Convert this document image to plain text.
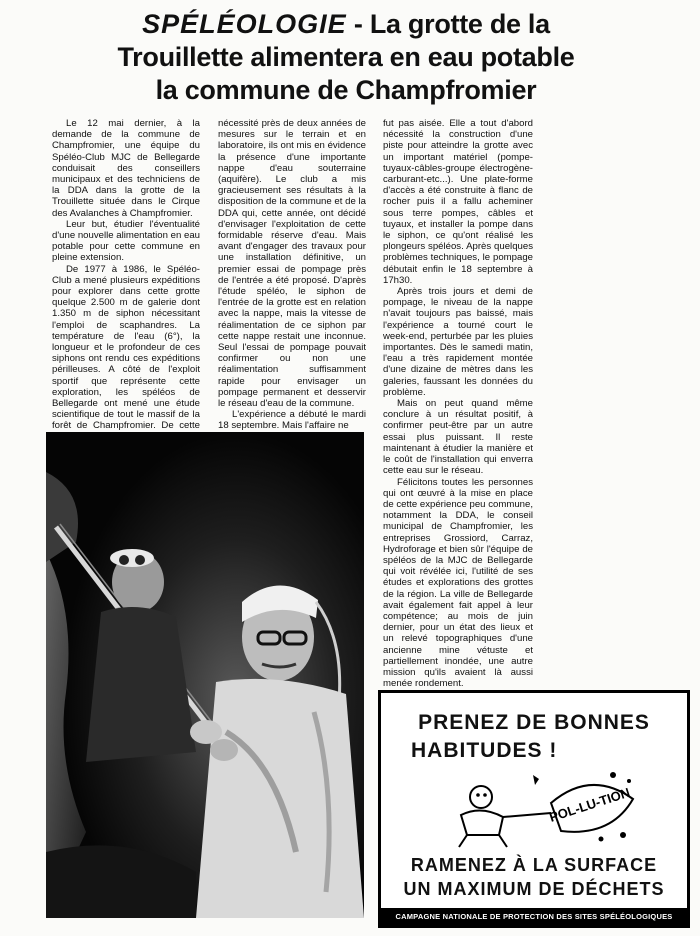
SPÉLÉOLOGIE - La grotte de la
Trouillette alimentera en eau potable
la commune de Champfromier

Le 12 mai dernier, à la demande de la commune de Champfromier, une équipe du Spéléo-Club MJC de Bellegarde conduisait des conseillers municipaux et des techniciens de la DDA dans la grotte de la Trouillette située dans le Cirque des Avalanches à Champfromier.

Leur but, étudier l'éventualité d'une nouvelle alimentation en eau potable pour cette commune en pleine extension.

De 1977 à 1986, le Spéléo-Club a mené plusieurs expéditions pour explorer dans cette grotte quelque 2.500 m de galerie dont 1.350 m de siphon nécessitant l'emploi de scaphandres. La température de l'eau (6°), la longueur et le profondeur de ces siphons ont rendu ces expéditions périlleuses. A côté de l'exploit sportif que représente cette exploration, les spéléos de Bellegarde ont mené une étude scientifique de tout le massif de la forêt de Champfromier. De cette

nécessité près de deux années de mesures sur le terrain et en laboratoire, ils ont mis en évidence la présence d'une importante nappe d'eau souterraine (aquifère). Le club a mis gracieusement ses résultats à la disposition de la commune et de la DDA qui, cette année, ont décidé d'envisager l'exploitation de cette formidable réserve d'eau. Mais avant d'engager des travaux pour une installation définitive, un premier essai de pompage près de l'entrée a été proposé. D'après l'étude spéléo, le siphon de l'entrée de la grotte est en relation avec la nappe, mais la vitesse de réalimentation de ce siphon par cette nappe restait une inconnue. Seul l'essai de pompage pouvait confirmer ou non une réalimentation suffisamment rapide pour envisager un pompage permanent et desservir le réseau d'eau de la commune.

L'expérience a débuté le mardi 18 septembre. Mais l'affaire ne

fut pas aisée. Elle a tout d'abord nécessité la construction d'une piste pour atteindre la grotte avec un important matériel (pompe-tuyaux-câbles-groupe électrogène-carburant-etc...). Une plate-forme d'accès a été construite à flanc de rocher puis il a fallu acheminer sous terre pompes, câbles et tuyaux, et installer la pompe dans le siphon, ce qu'ont réalisé les plongeurs spéléos. Après quelques problèmes techniques, le pompage débutait enfin le 18 septembre à 17h30.

Après trois jours et demi de pompage, le niveau de la nappe n'avait toujours pas baissé, mais l'expérience a tourné court le week-end, perturbée par les pluies importantes. Dès le samedi matin, l'eau a très rapidement montée d'une dizaine de mètres dans les galeries, faussant les données du problème.

Mais on peut quand même conclure à un résultat positif, à confirmer peut-être par un autre essai plus puissant. Il reste maintenant à étudier la manière et le coût de l'installation qui enverra cette eau sur le réseau.

Félicitons toutes les personnes qui ont œuvré à la mise en place de cette expérience peu commune, notamment la DDA, le conseil municipal de Champfromier, les entreprises Grossiord, Carraz, Hydroforage et bien sûr l'équipe de spéléos de la MJC de Bellegarde qui voit révélée ici, l'utilité de ses études et explorations des grottes de la région. La ville de Bellegarde avait également fait appel à leur compétence; au mois de juin dernier, pour un état des lieux et un relevé topographiques d'une ancienne mine vétuste et partiellement inondée, une autre mission qu'ils avaient là aussi menée rondement.

PRENEZ DE BONNES
HABITUDES !
POL-LU-TION
RAMENEZ À LA SURFACE
UN MAXIMUM DE DÉCHETS
CAMPAGNE NATIONALE DE PROTECTION DES SITES SPÉLÉOLOGIQUES
